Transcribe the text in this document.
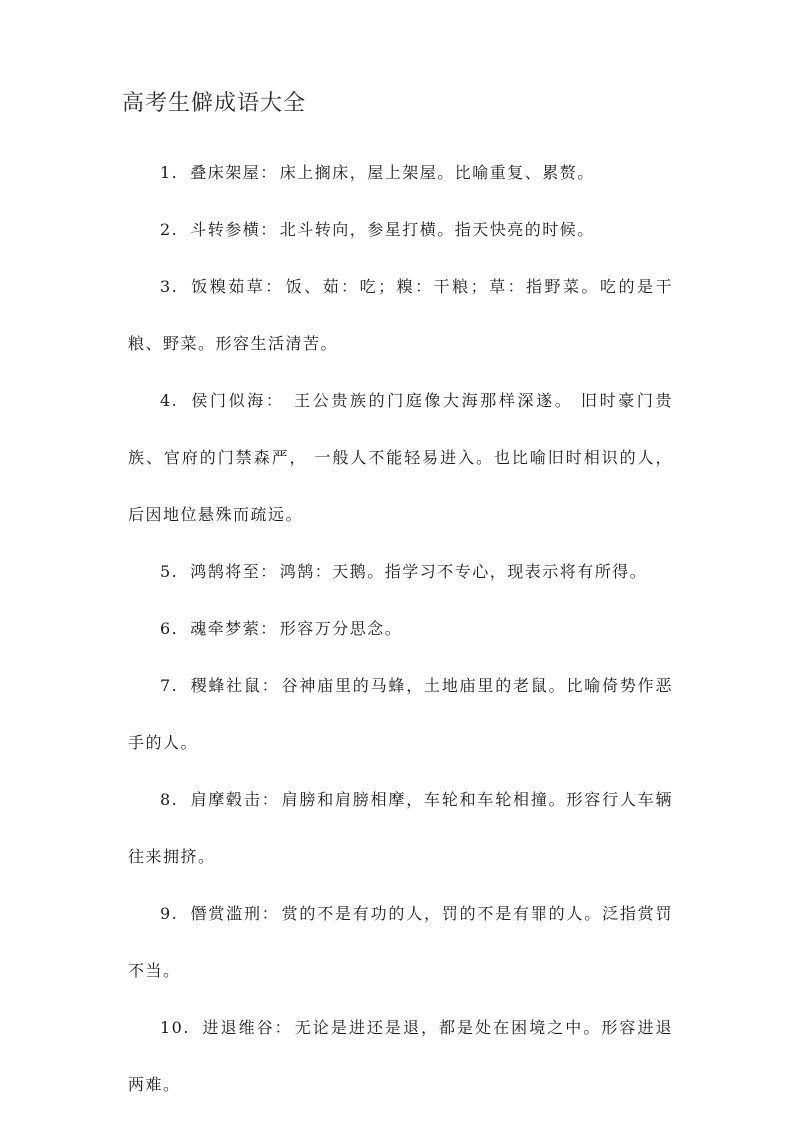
高考生僻成语大全

1. 叠床架屋： 床上搁床，屋上架屋。比喻重复、累赘。

2. 斗转参横： 北斗转向，参星打横。指天快亮的时候。

3. 饭糗茹草： 饭、茹：吃；糗：干粮；草：指野菜。吃的是干粮、野菜。形容生活清苦。

4. 侯门似海： 王公贵族的门庭像大海那样深遂。 旧时豪门贵族、官府的门禁森严， 一般人不能轻易进入。也比喻旧时相识的人，后因地位悬殊而疏远。

5. 鸿鹄将至： 鸿鹄：天鹅。指学习不专心，现表示将有所得。

6. 魂牵梦萦： 形容万分思念。

7. 稷蜂社鼠： 谷神庙里的马蜂，土地庙里的老鼠。比喻倚势作恶手的人。

8. 肩摩毂击： 肩膀和肩膀相摩，车轮和车轮相撞。形容行人车辆往来拥挤。

9. 僭赏滥刑： 赏的不是有功的人，罚的不是有罪的人。泛指赏罚不当。

10. 进退维谷： 无论是进还是退，都是处在困境之中。形容进退两难。
